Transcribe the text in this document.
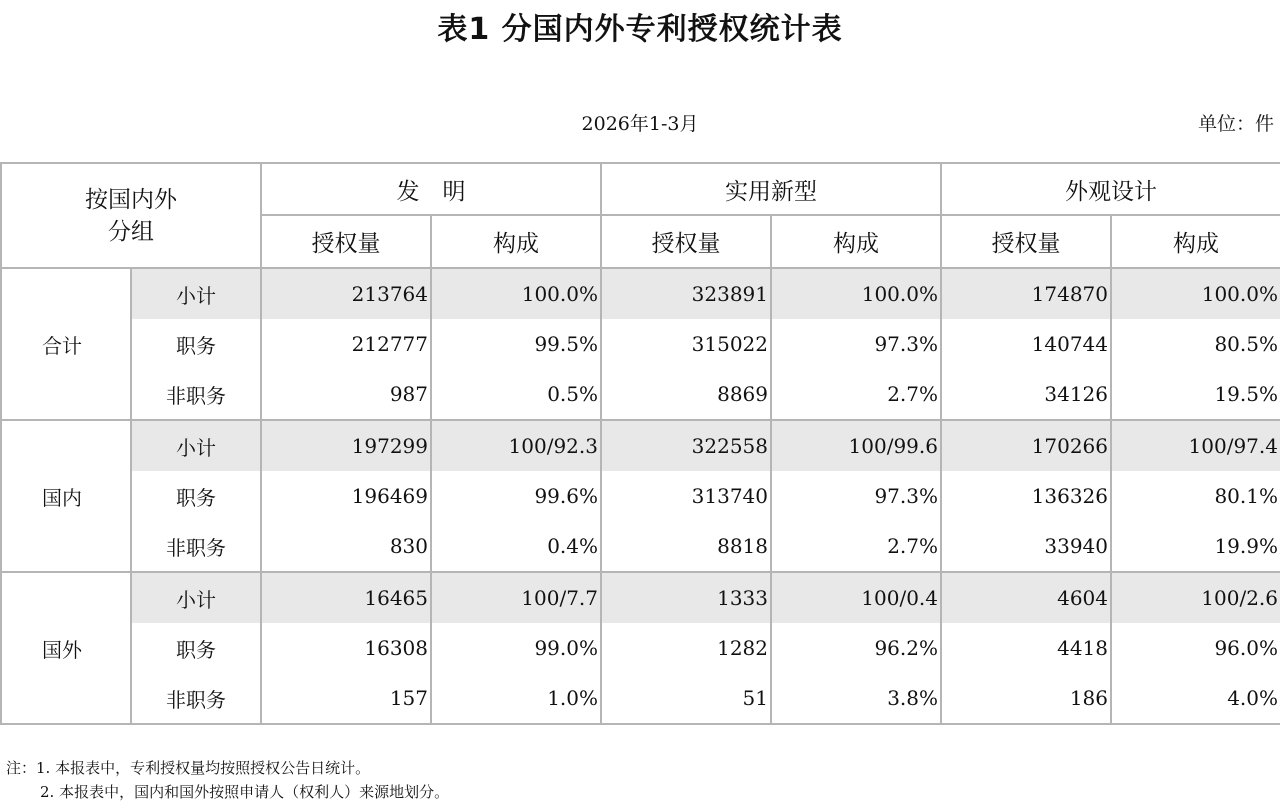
表1 分国内外专利授权统计表
2026年1-3月	单位：件
按国内外
分组		发　明		实用新型		外观设计	
		授权量	构成	授权量	构成	授权量	构成
合计	小计	213764	100.0%	323891	100.0%	174870	100.0%
	职务	212777	99.5%	315022	97.3%	140744	80.5%
	非职务	987	0.5%	8869	2.7%	34126	19.5%
国内	小计	197299	100/92.3	322558	100/99.6	170266	100/97.4
	职务	196469	99.6%	313740	97.3%	136326	80.1%
	非职务	830	0.4%	8818	2.7%	33940	19.9%
国外	小计	16465	100/7.7	1333	100/0.4	4604	100/2.6
	职务	16308	99.0%	1282	96.2%	4418	96.0%
	非职务	157	1.0%	51	3.8%	186	4.0%
注：1. 本报表中，专利授权量均按照授权公告日统计。
2. 本报表中，国内和国外按照申请人（权利人）来源地划分。
